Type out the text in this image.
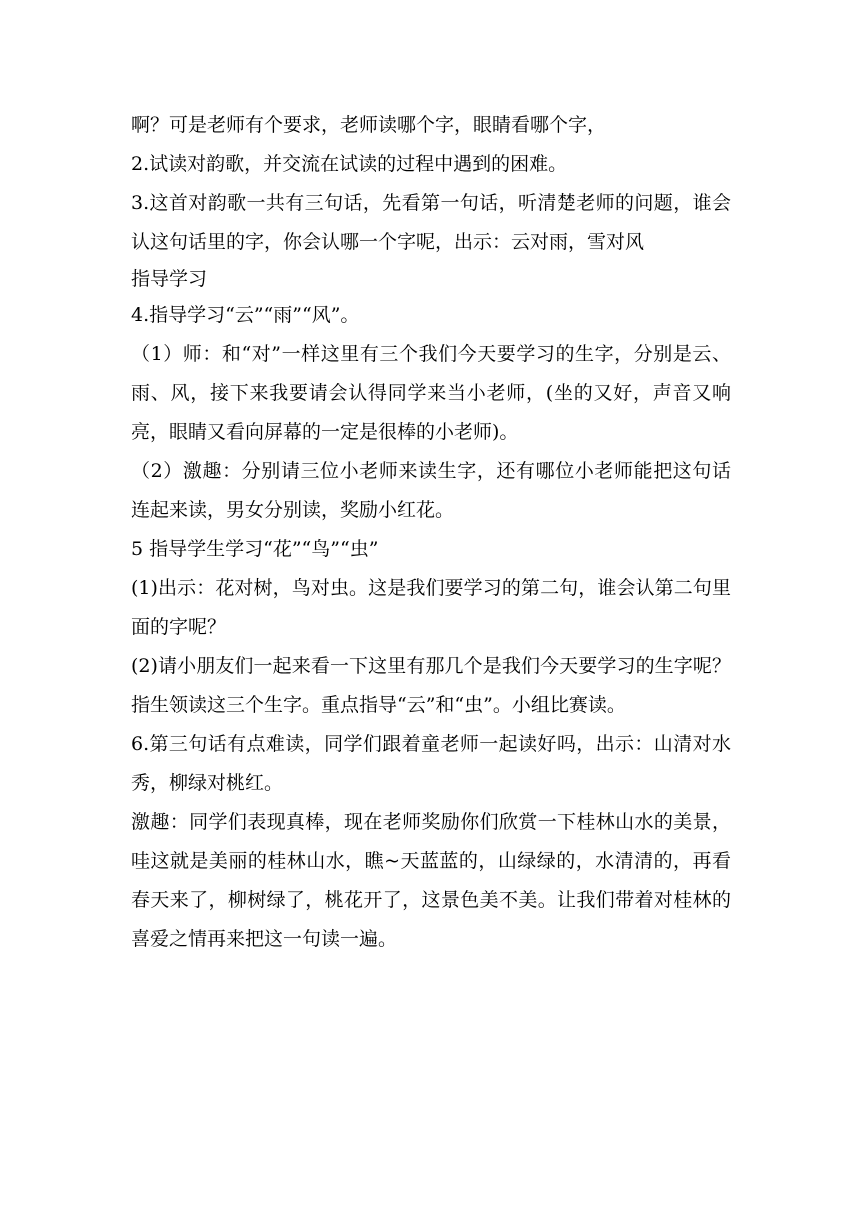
啊？可是老师有个要求，老师读哪个字，眼睛看哪个字，

2.试读对韵歌，并交流在试读的过程中遇到的困难。

3.这首对韵歌一共有三句话，先看第一句话，听清楚老师的问题，谁会认这句话里的字，你会认哪一个字呢，出示：云对雨，雪对风

指导学习

4.指导学习“云”“雨”“风”。

（1）师：和“对”一样这里有三个我们今天要学习的生字，分别是云、雨、风，接下来我要请会认得同学来当小老师，(坐的又好，声音又响亮，眼睛又看向屏幕的一定是很棒的小老师)。

（2）激趣：分别请三位小老师来读生字，还有哪位小老师能把这句话连起来读，男女分别读，奖励小红花。

5 指导学生学习“花”“鸟”“虫”

(1)出示：花对树，鸟对虫。这是我们要学习的第二句，谁会认第二句里面的字呢？

(2)请小朋友们一起来看一下这里有那几个是我们今天要学习的生字呢？指生领读这三个生字。重点指导“云”和“虫”。小组比赛读。

6.第三句话有点难读，同学们跟着童老师一起读好吗，出示：山清对水秀，柳绿对桃红。

激趣：同学们表现真棒，现在老师奖励你们欣赏一下桂林山水的美景，哇这就是美丽的桂林山水，瞧~天蓝蓝的，山绿绿的，水清清的，再看春天来了，柳树绿了，桃花开了，这景色美不美。让我们带着对桂林的喜爱之情再来把这一句读一遍。
